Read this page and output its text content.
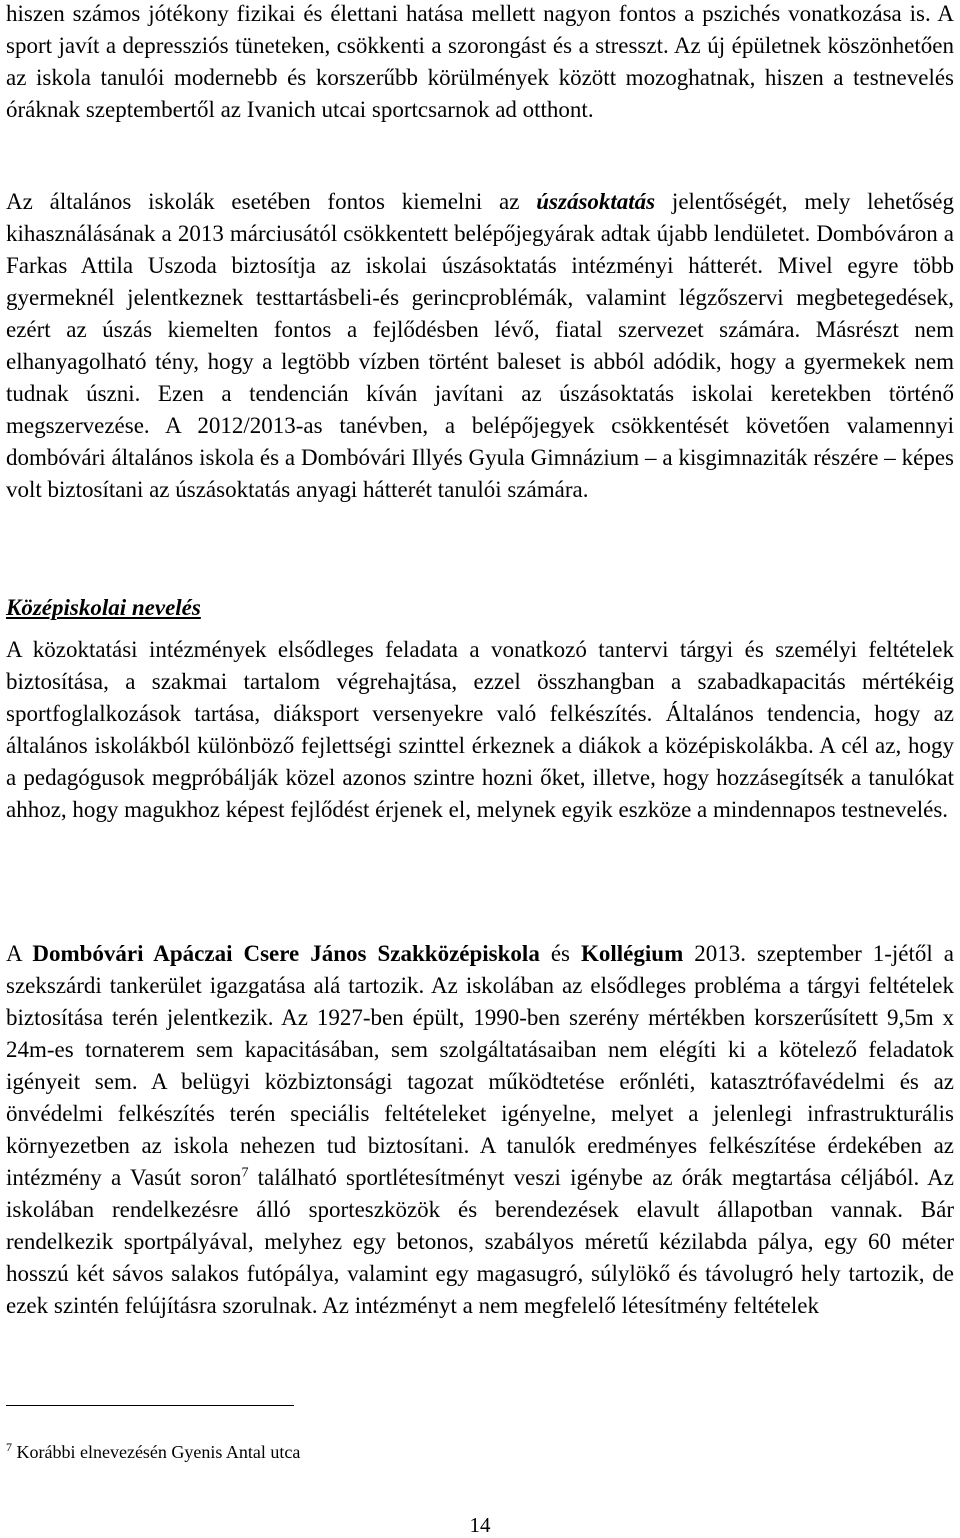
hiszen számos jótékony fizikai és élettani hatása mellett nagyon fontos a pszichés vonatkozása is. A sport javít a depressziós tüneteken, csökkenti a szorongást és a stresszt. Az új épületnek köszönhetően az iskola tanulói modernebb és korszerűbb körülmények között mozoghatnak, hiszen a testnevelés óráknak szeptembertől az Ivanich utcai sportcsarnok ad otthont.

Az általános iskolák esetében fontos kiemelni az úszásoktatás jelentőségét, mely lehetőség kihasználásának a 2013 márciusától csökkentett belépőjegyárak adtak újabb lendületet. Dombóváron a Farkas Attila Uszoda biztosítja az iskolai úszásoktatás intézményi hátterét. Mivel egyre több gyermeknél jelentkeznek testtartásbeli-és gerincproblémák, valamint légzőszervi megbetegedések, ezért az úszás kiemelten fontos a fejlődésben lévő, fiatal szervezet számára. Másrészt nem elhanyagolható tény, hogy a legtöbb vízben történt baleset is abból adódik, hogy a gyermekek nem tudnak úszni. Ezen a tendencián kíván javítani az úszásoktatás iskolai keretekben történő megszervezése. A 2012/2013-as tanévben, a belépőjegyek csökkentését követően valamennyi dombóvári általános iskola és a Dombóvári Illyés Gyula Gimnázium – a kisgimnaziták részére – képes volt biztosítani az úszásoktatás anyagi hátterét tanulói számára.

Középiskolai nevelés

A közoktatási intézmények elsődleges feladata a vonatkozó tantervi tárgyi és személyi feltételek biztosítása, a szakmai tartalom végrehajtása, ezzel összhangban a szabadkapacitás mértékéig sportfoglalkozások tartása, diáksport versenyekre való felkészítés. Általános tendencia, hogy az általános iskolákból különböző fejlettségi szinttel érkeznek a diákok a középiskolákba. A cél az, hogy a pedagógusok megpróbálják közel azonos szintre hozni őket, illetve, hogy hozzásegítsék a tanulókat ahhoz, hogy magukhoz képest fejlődést érjenek el, melynek egyik eszköze a mindennapos testnevelés.

A Dombóvári Apáczai Csere János Szakközépiskola és Kollégium 2013. szeptember 1-jétől a szekszárdi tankerület igazgatása alá tartozik. Az iskolában az elsődleges probléma a tárgyi feltételek biztosítása terén jelentkezik. Az 1927-ben épült, 1990-ben szerény mértékben korszerűsített 9,5m x 24m-es tornaterem sem kapacitásában, sem szolgáltatásaiban nem elégíti ki a kötelező feladatok igényeit sem. A belügyi közbiztonsági tagozat működtetése erőnléti, katasztrófavédelmi és az önvédelmi felkészítés terén speciális feltételeket igényelne, melyet a jelenlegi infrastrukturális környezetben az iskola nehezen tud biztosítani. A tanulók eredményes felkészítése érdekében az intézmény a Vasút soron$^7$ található sportlétesítményt veszi igénybe az órák megtartása céljából. Az iskolában rendelkezésre álló sporteszközök és berendezések elavult állapotban vannak. Bár rendelkezik sportpályával, melyhez egy betonos, szabályos méretű kézilabda pálya, egy 60 méter hosszú két sávos salakos futópálya, valamint egy magasugró, súlylökő és távolugró hely tartozik, de ezek szintén felújításra szorulnak. Az intézményt a nem megfelelő létesítmény feltételek

$^7$ Korábbi elnevezésén Gyenis Antal utca

14
